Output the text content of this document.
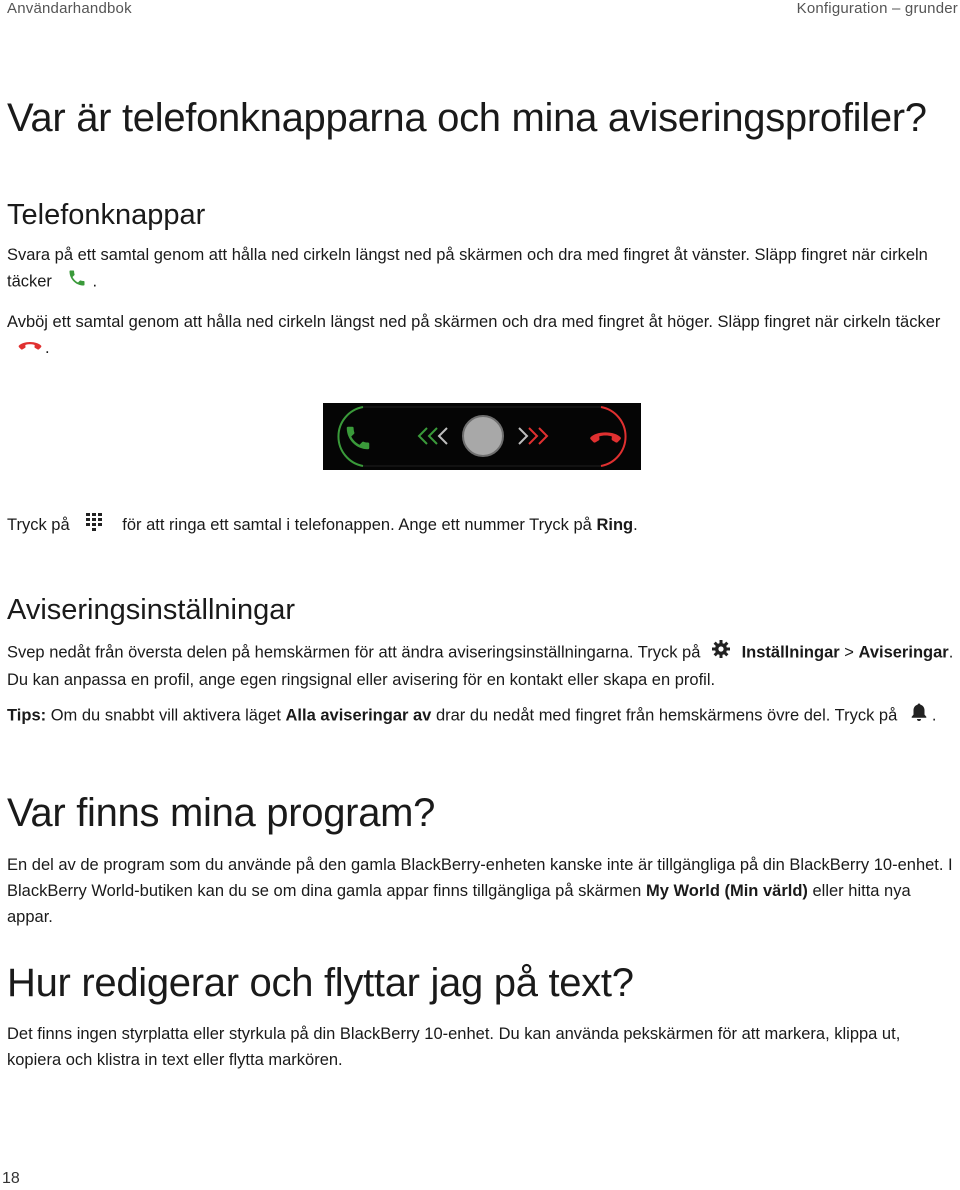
Användarhandbok	Konfiguration – grunder
Var är telefonknapparna och mina aviseringsprofiler?
Telefonknappar

Svara på ett samtal genom att hålla ned cirkeln längst ned på skärmen och dra med fingret åt vänster. Släpp fingret när cirkeln täcker .

Avböj ett samtal genom att hålla ned cirkeln längst ned på skärmen och dra med fingret åt höger. Släpp fingret när cirkeln täcker .

Tryck på	för att ringa ett samtal i telefonappen. Ange ett nummer Tryck på Ring.

Aviseringsinställningar

Svep nedåt från översta delen på hemskärmen för att ändra aviseringsinställningarna. Tryck på Inställningar > Aviseringar. Du kan anpassa en profil, ange egen ringsignal eller avisering för en kontakt eller skapa en profil.

Tips: Om du snabbt vill aktivera läget Alla aviseringar av drar du nedåt med fingret från hemskärmens övre del. Tryck på .

Var finns mina program?

En del av de program som du använde på den gamla BlackBerry-enheten kanske inte är tillgängliga på din BlackBerry 10-enhet. I BlackBerry World-butiken kan du se om dina gamla appar finns tillgängliga på skärmen My World (Min värld) eller hitta nya appar.

Hur redigerar och flyttar jag på text?

Det finns ingen styrplatta eller styrkula på din BlackBerry 10-enhet. Du kan använda pekskärmen för att markera, klippa ut, kopiera och klistra in text eller flytta markören.

18
